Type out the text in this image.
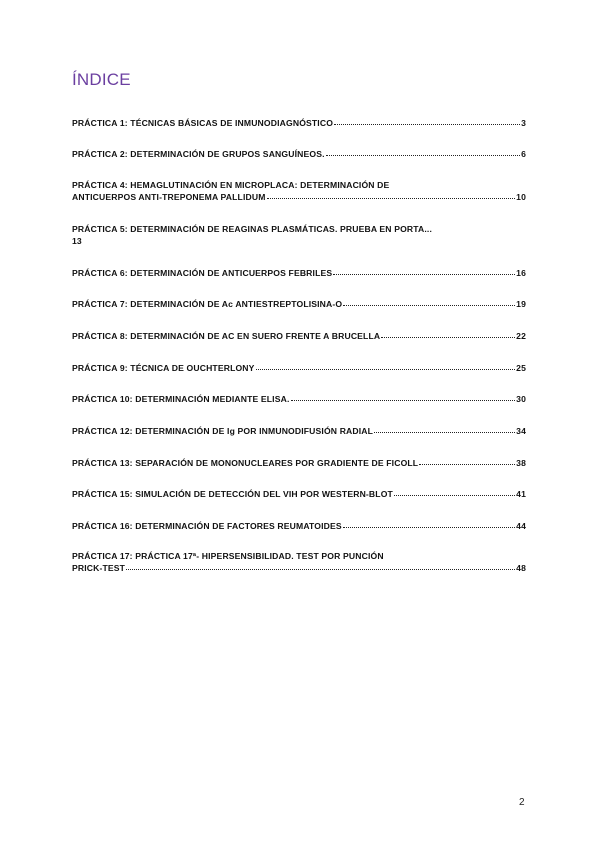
ÍNDICE
PRÁCTICA 1: TÉCNICAS BÁSICAS DE INMUNODIAGNÓSTICO	3
PRÁCTICA 2: DETERMINACIÓN DE GRUPOS SANGUÍNEOS.	6
PRÁCTICA 4: HEMAGLUTINACIÓN EN MICROPLACA: DETERMINACIÓN DE
ANTICUERPOS ANTI-TREPONEMA PALLIDUM	10
PRÁCTICA 5: DETERMINACIÓN DE REAGINAS PLASMÁTICAS. PRUEBA EN PORTA...
13
PRÁCTICA 6: DETERMINACIÓN DE ANTICUERPOS FEBRILES	16
PRÁCTICA 7: DETERMINACIÓN DE Ac ANTIESTREPTOLISINA-O	19
PRÁCTICA 8: DETERMINACIÓN DE AC EN SUERO FRENTE A BRUCELLA	22
PRÁCTICA 9: TÉCNICA DE OUCHTERLONY	25
PRÁCTICA 10: DETERMINACIÓN MEDIANTE ELISA.	30
PRÁCTICA 12: DETERMINACIÓN DE Ig POR INMUNODIFUSIÓN RADIAL	34
PRÁCTICA 13: SEPARACIÓN DE MONONUCLEARES POR GRADIENTE DE FICOLL	38
PRÁCTICA 15: SIMULACIÓN DE DETECCIÓN DEL VIH POR WESTERN-BLOT	41
PRÁCTICA 16: DETERMINACIÓN DE FACTORES REUMATOIDES	44
PRÁCTICA 17: PRÁCTICA 17ª- HIPERSENSIBILIDAD. TEST POR PUNCIÓN
PRICK-TEST	48
2
